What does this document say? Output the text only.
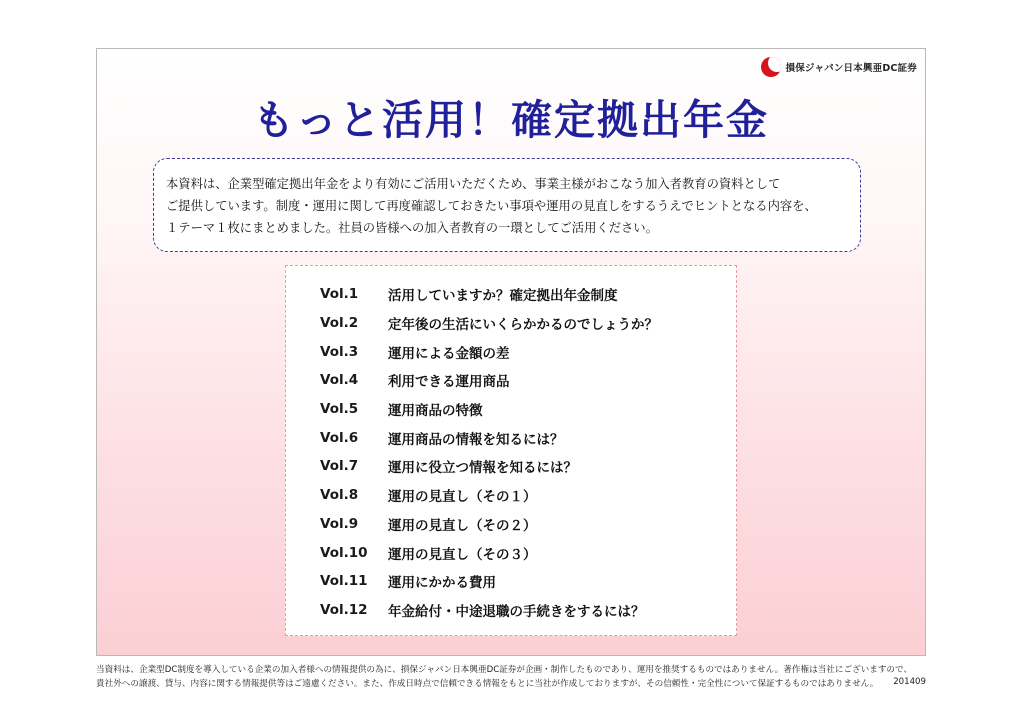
損保ジャパン日本興亜DC証券
もっと活用！確定拠出年金
本資料は、企業型確定拠出年金をより有効にご活用いただくため、事業主様がおこなう加入者教育の資料として
ご提供しています。制度・運用に関して再度確認しておきたい事項や運用の見直しをするうえでヒントとなる内容を、
１テーマ１枚にまとめました。社員の皆様への加入者教育の一環としてご活用ください。
Vol.1	活用していますか？確定拠出年金制度
Vol.2	定年後の生活にいくらかかるのでしょうか？
Vol.3	運用による金額の差
Vol.4	利用できる運用商品
Vol.5	運用商品の特徴
Vol.6	運用商品の情報を知るには？
Vol.7	運用に役立つ情報を知るには？
Vol.8	運用の見直し（その１）
Vol.9	運用の見直し（その２）
Vol.10	運用の見直し（その３）
Vol.11	運用にかかる費用
Vol.12	年金給付・中途退職の手続きをするには？
当資料は、企業型DC制度を導入している企業の加入者様への情報提供の為に、損保ジャパン日本興亜DC証券が企画・制作したものであり、運用を推奨するものではありません。著作権は当社にございますので、
貴社外への譲渡、貸与、内容に関する情報提供等はご遠慮ください。また、作成日時点で信頼できる情報をもとに当社が作成しておりますが、その信頼性・完全性について保証するものではありません。	201409
